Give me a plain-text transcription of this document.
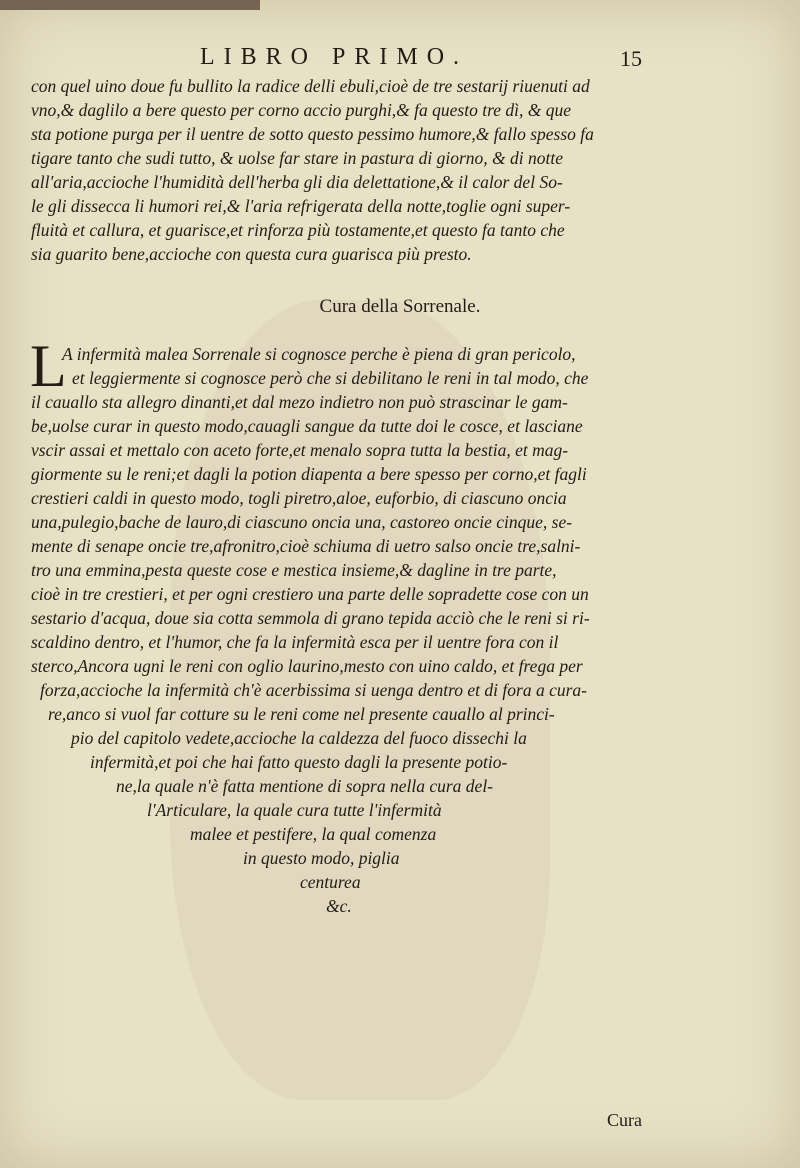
LIBRO PRIMO.	15
con quel uino doue fu bullito la radice delli ebuli,cioè de tre sestarij riuenuti ad
vno,& daglilo a bere questo per corno accio purghi,& fa questo tre dì, & que
sta potione purga per il uentre de sotto questo pessimo humore,& fallo spesso fa
tigare tanto che sudi tutto, & uolse far stare in pastura di giorno, & di notte
all'aria,accioche l'humidità dell'herba gli dia delettatione,& il calor del So-
le gli dissecca li humori rei,& l'aria refrigerata della notte,toglie ogni super-
fluità et callura, et guarisce,et rinforza più tostamente,et questo fa tanto che
sia guarito bene,accioche con questa cura guarisca più presto.
Cura della Sorrenale.
L
A infermità malea Sorrenale si cognosce perche è piena di gran pericolo,
et leggiermente si cognosce però che si debilitano le reni in tal modo, che
il cauallo sta allegro dinanti,et dal mezo indietro non può strascinar le gam-
be,uolse curar in questo modo,cauagli sangue da tutte doi le cosce, et lasciane
vscir assai et mettalo con aceto forte,et menalo sopra tutta la bestia, et mag-
giormente su le reni;et dagli la potion diapenta a bere spesso per corno,et fagli
crestieri caldi in questo modo, togli piretro,aloe, euforbio, di ciascuno oncia
una,pulegio,bache de lauro,di ciascuno oncia una, castoreo oncie cinque, se-
mente di senape oncie tre,afronitro,cioè schiuma di uetro salso oncie tre,salni-
tro una emmina,pesta queste cose e mestica insieme,& dagline in tre parte,
cioè in tre crestieri, et per ogni crestiero una parte delle sopradette cose con un
sestario d'acqua, doue sia cotta semmola di grano tepida acciò che le reni si ri-
scaldino dentro, et l'humor, che fa la infermità esca per il uentre fora con il
sterco,Ancora ugni le reni con oglio laurino,mesto con uino caldo, et frega per
forza,accioche la infermità ch'è acerbissima si uenga dentro et di fora a cura-
re,anco si vuol far cotture su le reni come nel presente cauallo al princi-
pio del capitolo vedete,accioche la caldezza del fuoco dissechi la
infermità,et poi che hai fatto questo dagli la presente potio-
ne,la quale n'è fatta mentione di sopra nella cura del-
l'Articulare, la quale cura tutte l'infermità
malee et pestifere, la qual comenza
in questo modo, piglia
centurea
&c.
Cura
